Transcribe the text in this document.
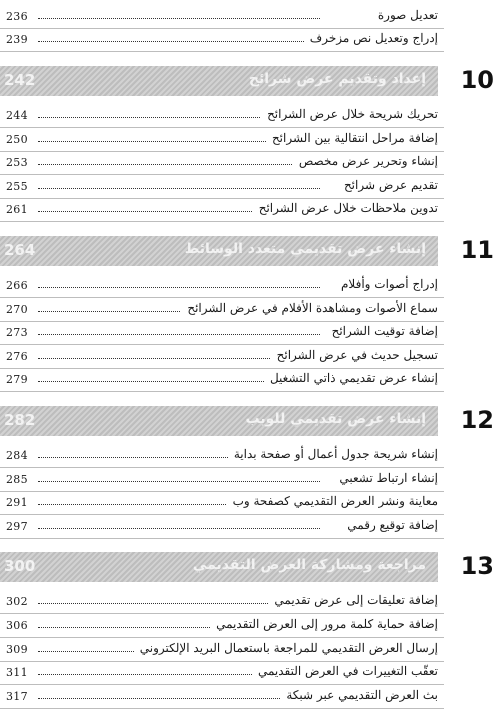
236	تعديل صورة
239	إدراج وتعديل نص مزخرف
242	إعداد وتقديم عرض شرائح 10
244	تحريك شريحة خلال عرض الشرائح
250	إضافة مراحل انتقالية بين الشرائح
253	إنشاء وتحرير عرض مخصص
255	تقديم عرض شرائح
261	تدوين ملاحظات خلال عرض الشرائح
264	إنشاء عرض تقديمي متعدد الوسائط 11
266	إدراج أصوات وأفلام
270	سماع الأصوات ومشاهدة الأفلام في عرض الشرائح
273	إضافة توقيت الشرائح
276	تسجيل حديث في عرض الشرائح
279	إنشاء عرض تقديمي ذاتي التشغيل
282	إنشاء عرض تقديمي للويب 12
284	إنشاء شريحة جدول أعمال أو صفحة بداية
285	إنشاء ارتباط تشعبي
291	معاينة ونشر العرض التقديمي كصفحة وب
297	إضافة توقيع رقمي
300	مراجعة ومشاركة العرض التقديمي 13
302	إضافة تعليقات إلى عرض تقديمي
306	إضافة حماية كلمة مرور إلى العرض التقديمي
309	إرسال العرض التقديمي للمراجعة باستعمال البريد الإلكتروني
311	تعقّب التغييرات في العرض التقديمي
317	بث العرض التقديمي عبر شبكة
